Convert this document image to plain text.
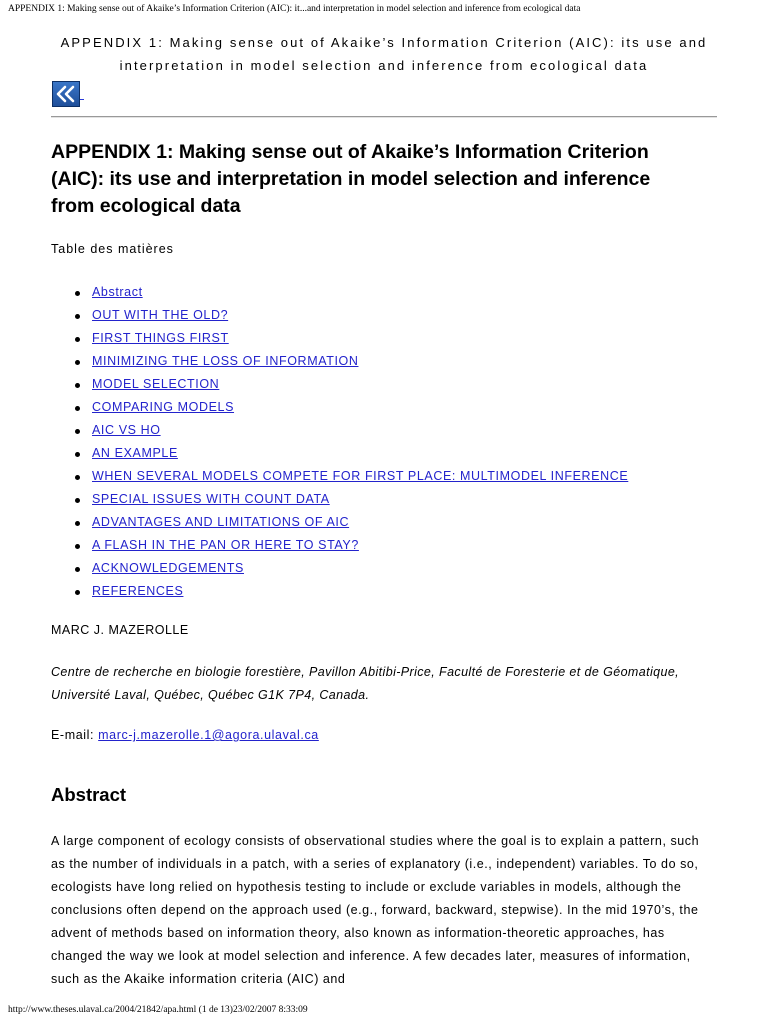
APPENDIX 1: Making sense out of Akaike’s Information Criterion (AIC): it...and interpretation in model selection and inference from ecological data
APPENDIX 1: Making sense out of Akaike’s Information Criterion (AIC): its use and interpretation in model selection and inference from ecological data
APPENDIX 1: Making sense out of Akaike’s Information Criterion (AIC): its use and interpretation in model selection and inference from ecological data
Table des matières
Abstract
OUT WITH THE OLD?
FIRST THINGS FIRST
MINIMIZING THE LOSS OF INFORMATION
MODEL SELECTION
COMPARING MODELS
AIC VS HO
AN EXAMPLE
WHEN SEVERAL MODELS COMPETE FOR FIRST PLACE: MULTIMODEL INFERENCE
SPECIAL ISSUES WITH COUNT DATA
ADVANTAGES AND LIMITATIONS OF AIC
A FLASH IN THE PAN OR HERE TO STAY?
ACKNOWLEDGEMENTS
REFERENCES
MARC J. MAZEROLLE
Centre de recherche en biologie forestière, Pavillon Abitibi-Price, Faculté de Foresterie et de Géomatique, Université Laval, Québec, Québec G1K 7P4, Canada.
E-mail: marc-j.mazerolle.1@agora.ulaval.ca
Abstract

A large component of ecology consists of observational studies where the goal is to explain a pattern, such as the number of individuals in a patch, with a series of explanatory (i.e., independent) variables. To do so, ecologists have long relied on hypothesis testing to include or exclude variables in models, although the conclusions often depend on the approach used (e.g., forward, backward, stepwise). In the mid 1970’s, the advent of methods based on information theory, also known as information-theoretic approaches, has changed the way we look at model selection and inference. A few decades later, measures of information, such as the Akaike information criteria (AIC) and

http://www.theses.ulaval.ca/2004/21842/apa.html (1 de 13)23/02/2007 8:33:09
